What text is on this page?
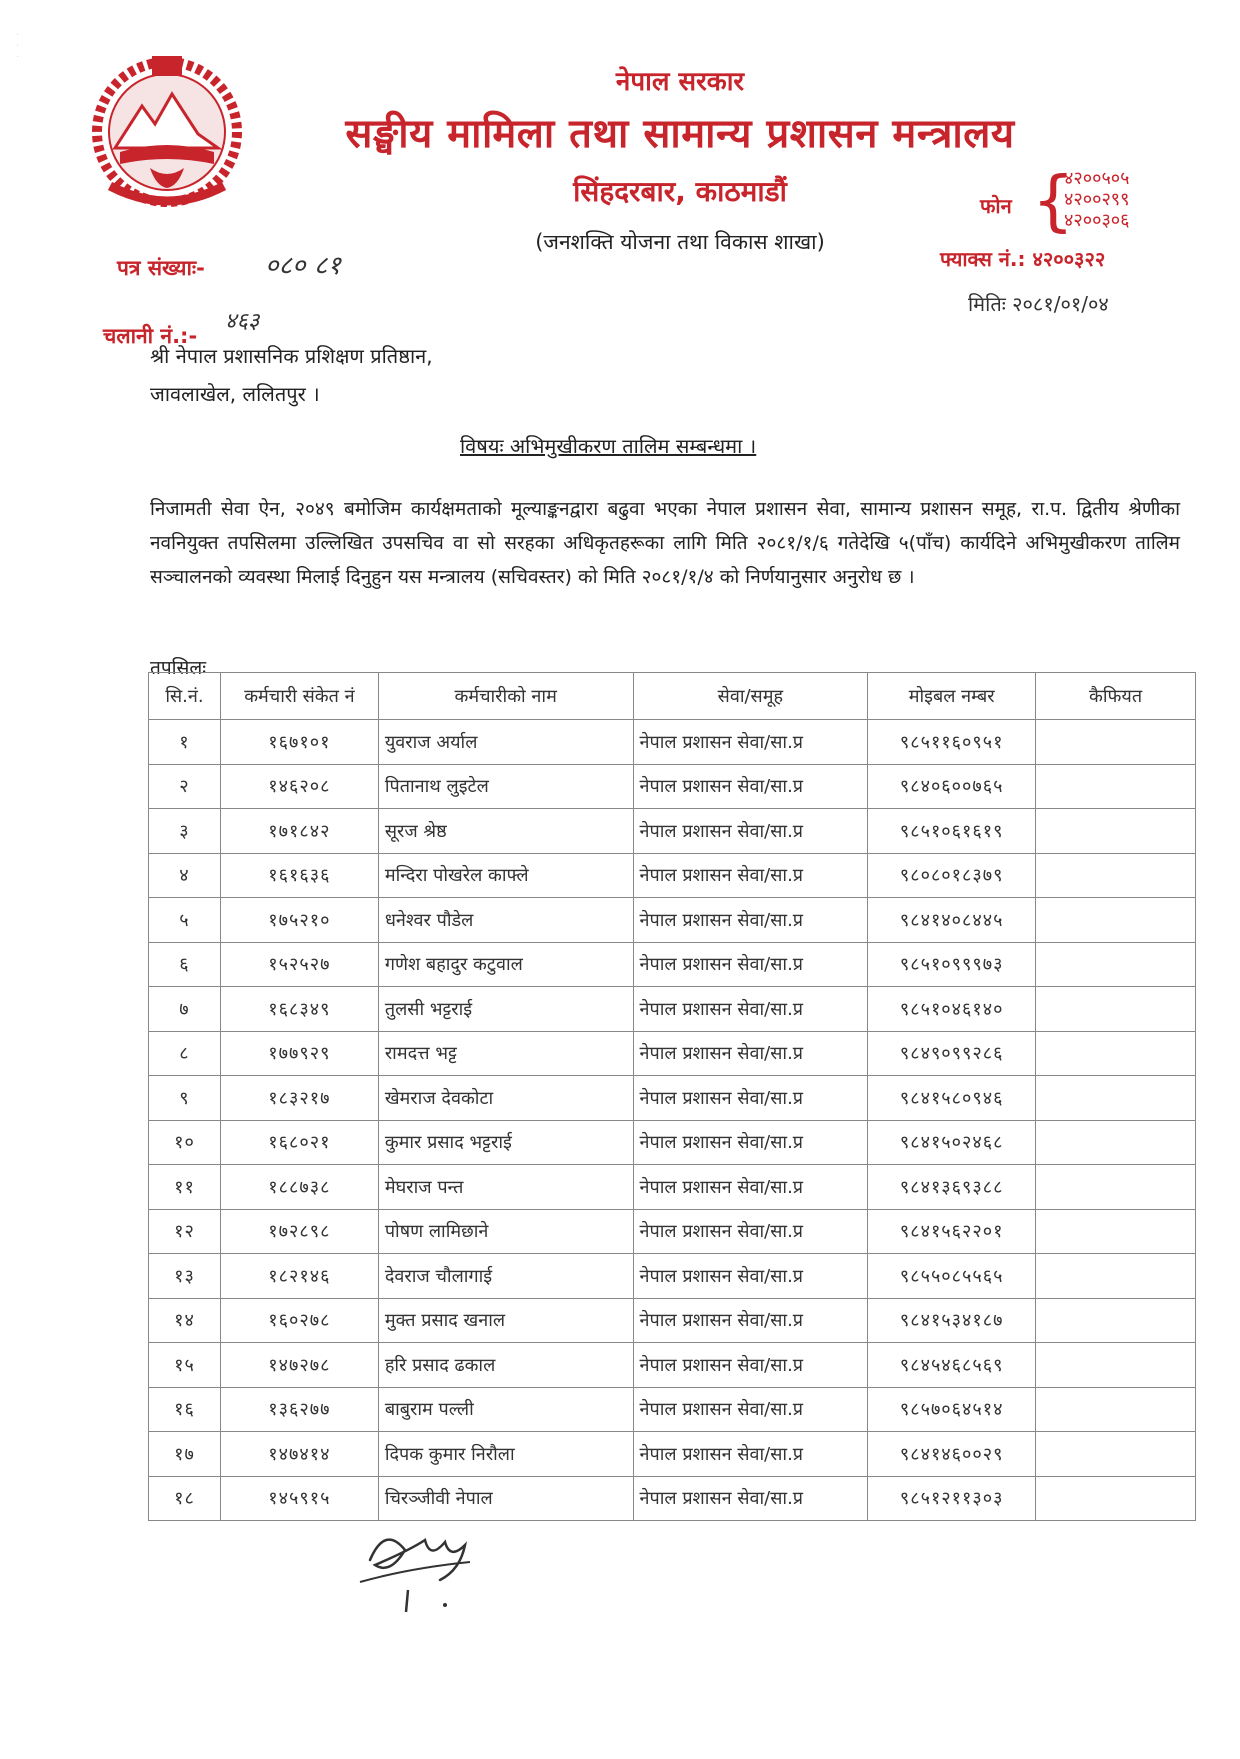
·
·
·
नेपाल सरकार
सङ्घीय मामिला तथा सामान्य प्रशासन मन्त्रालय
सिंहदरबार, काठमाडौं
(जनशक्ति योजना तथा विकास शाखा)
फोन {
४२००५०५
४२००२९९
४२००३०६
फ्याक्स नं.: ४२००३२२
मितिः २०८१/०१/०४
पत्र संख्याः- ०८० ८१
चलानी नं.:-
४६३
श्री नेपाल प्रशासनिक प्रशिक्षण प्रतिष्ठान,
जावलाखेल, ललितपुर ।
विषयः अभिमुखीकरण तालिम सम्बन्धमा ।
निजामती सेवा ऐन, २०४९ बमोजिम कार्यक्षमताको मूल्याङ्कनद्वारा बढुवा भएका नेपाल प्रशासन सेवा, सामान्य प्रशासन समूह, रा.प. द्वितीय श्रेणीका नवनियुक्त तपसिलमा उल्लिखित उपसचिव वा सो सरहका अधिकृतहरूका लागि मिति २०८१/१/६ गतेदेखि ५(पाँच) कार्यदिने अभिमुखीकरण तालिम सञ्चालनको व्यवस्था मिलाई दिनुहुन यस मन्त्रालय (सचिवस्तर) को मिति २०८१/१/४ को निर्णयानुसार अनुरोध छ ।
तपसिलः
सि.नं.	कर्मचारी संकेत नं	कर्मचारीको नाम	सेवा/समूह	मोइबल नम्बर	कैफियत
१	१६७१०१	युवराज अर्याल	नेपाल प्रशासन सेवा/सा.प्र	९८५११६०९५१	
२	१४६२०८	पितानाथ लुइटेल	नेपाल प्रशासन सेवा/सा.प्र	९८४०६००७६५	
३	१७१८४२	सूरज श्रेष्ठ	नेपाल प्रशासन सेवा/सा.प्र	९८५१०६१६१९	
४	१६१६३६	मन्दिरा पोखरेल काफ्ले	नेपाल प्रशासन सेवा/सा.प्र	९८०८०१८३७९	
५	१७५२१०	धनेश्वर पौडेल	नेपाल प्रशासन सेवा/सा.प्र	९८४१४०८४४५	
६	१५२५२७	गणेश बहादुर कटुवाल	नेपाल प्रशासन सेवा/सा.प्र	९८५१०९९९७३	
७	१६८३४९	तुलसी भट्टराई	नेपाल प्रशासन सेवा/सा.प्र	९८५१०४६१४०	
८	१७७९२९	रामदत्त भट्ट	नेपाल प्रशासन सेवा/सा.प्र	९८४९०९९२८६	
९	१८३२१७	खेमराज देवकोटा	नेपाल प्रशासन सेवा/सा.प्र	९८४१५८०९४६	
१०	१६८०२१	कुमार प्रसाद भट्टराई	नेपाल प्रशासन सेवा/सा.प्र	९८४१५०२४६८	
११	१८८७३८	मेघराज पन्त	नेपाल प्रशासन सेवा/सा.प्र	९८४१३६९३८८	
१२	१७२८९८	पोषण लामिछाने	नेपाल प्रशासन सेवा/सा.प्र	९८४१५६२२०१	
१३	१८२१४६	देवराज चौलागाई	नेपाल प्रशासन सेवा/सा.प्र	९८५५०८५५६५	
१४	१६०२७८	मुक्त प्रसाद खनाल	नेपाल प्रशासन सेवा/सा.प्र	९८४१५३४१८७	
१५	१४७२७८	हरि प्रसाद ढकाल	नेपाल प्रशासन सेवा/सा.प्र	९८४५४६८५६९	
१६	१३६२७७	बाबुराम पल्ली	नेपाल प्रशासन सेवा/सा.प्र	९८५७०६४५१४	
१७	१४७४१४	दिपक कुमार निरौला	नेपाल प्रशासन सेवा/सा.प्र	९८४१४६००२९	
१८	१४५९१५	चिरञ्जीवी नेपाल	नेपाल प्रशासन सेवा/सा.प्र	९८५१२११३०३	
